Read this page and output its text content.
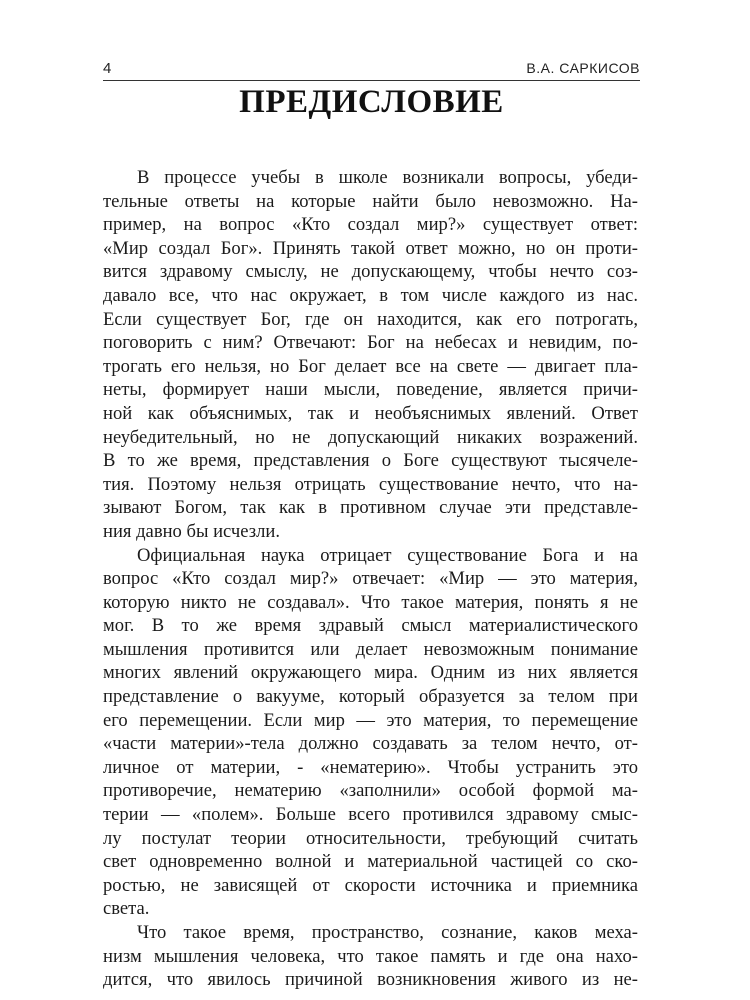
4	В.А. САРКИСОВ
ПРЕДИСЛОВИЕ
В процессе учебы в школе возникали вопросы, убеди-
тельные ответы на которые найти было невозможно. На-
пример, на вопрос «Кто создал мир?» существует ответ:
«Мир создал Бог». Принять такой ответ можно, но он проти-
вится здравому смыслу, не допускающему, чтобы нечто соз-
давало все, что нас окружает, в том числе каждого из нас.
Если существует Бог, где он находится, как его потрогать,
поговорить с ним? Отвечают: Бог на небесах и невидим, по-
трогать его нельзя, но Бог делает все на свете — двигает пла-
неты, формирует наши мысли, поведение, является причи-
ной как объяснимых, так и необъяснимых явлений. Ответ
неубедительный, но не допускающий никаких возражений.
В то же время, представления о Боге существуют тысячеле-
тия. Поэтому нельзя отрицать существование нечто, что на-
зывают Богом, так как в противном случае эти представле-
ния давно бы исчезли.
Официальная наука отрицает существование Бога и на
вопрос «Кто создал мир?» отвечает: «Мир — это материя,
которую никто не создавал». Что такое материя, понять я не
мог. В то же время здравый смысл материалистического
мышления противится или делает невозможным понимание
многих явлений окружающего мира. Одним из них является
представление о вакууме, который образуется за телом при
его перемещении. Если мир — это материя, то перемещение
«части материи»-тела должно создавать за телом нечто, от-
личное от материи, - «нематерию». Чтобы устранить это
противоречие, нематерию «заполнили» особой формой ма-
терии — «полем». Больше всего противился здравому смыс-
лу постулат теории относительности, требующий считать
свет одновременно волной и материальной частицей со ско-
ростью, не зависящей от скорости источника и приемника
света.
Что такое время, пространство, сознание, каков меха-
низм мышления человека, что такое память и где она нахо-
дится, что явилось причиной возникновения живого из не-
